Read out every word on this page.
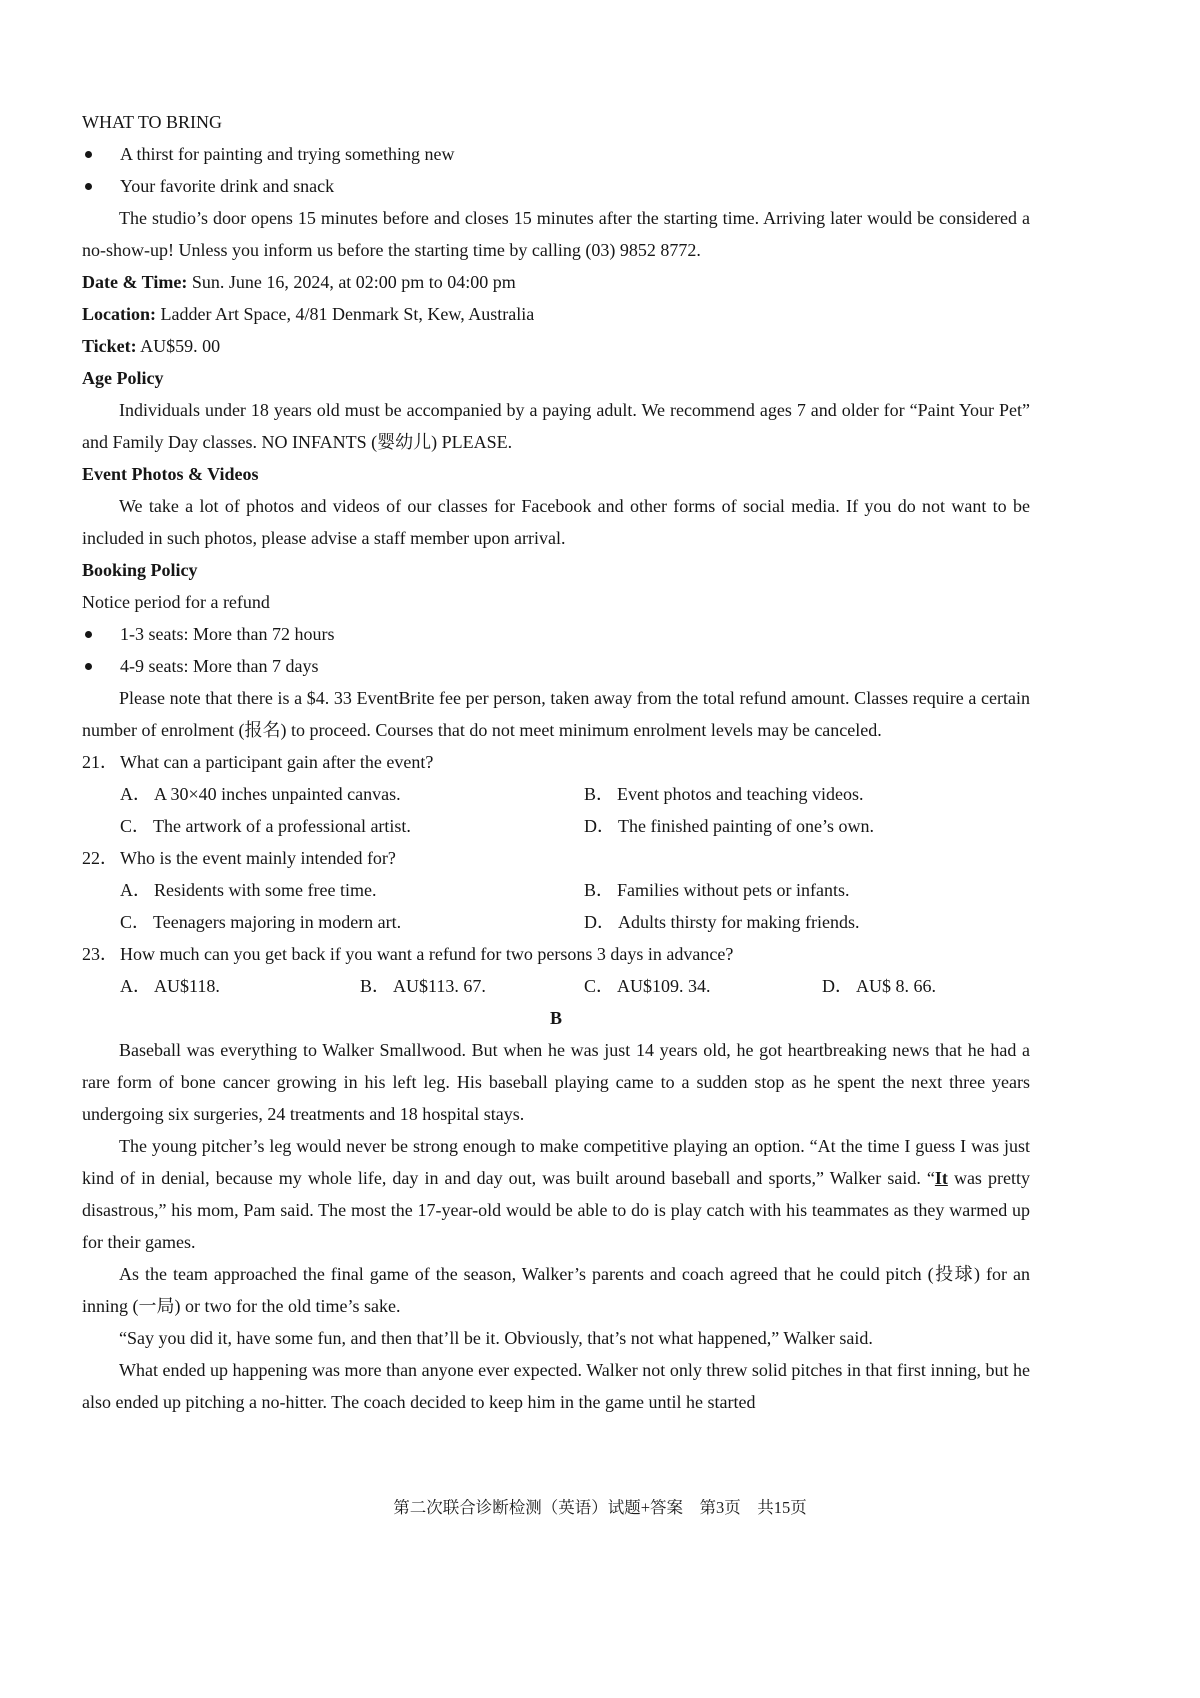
WHAT TO BRING
A thirst for painting and trying something new
Your favorite drink and snack
The studio’s door opens 15 minutes before and closes 15 minutes after the starting time. Arriving later would be considered a no-show-up! Unless you inform us before the starting time by calling (03) 9852 8772.
Date & Time: Sun. June 16, 2024, at 02:00 pm to 04:00 pm
Location: Ladder Art Space, 4/81 Denmark St, Kew, Australia
Ticket: AU$59. 00
Age Policy
Individuals under 18 years old must be accompanied by a paying adult. We recommend ages 7 and older for “Paint Your Pet” and Family Day classes. NO INFANTS (婴幼儿) PLEASE.
Event Photos & Videos
We take a lot of photos and videos of our classes for Facebook and other forms of social media. If you do not want to be included in such photos, please advise a staff member upon arrival.
Booking Policy
Notice period for a refund
1-3 seats: More than 72 hours
4-9 seats: More than 7 days
Please note that there is a $4. 33 EventBrite fee per person, taken away from the total refund amount. Classes require a certain number of enrolment (报名) to proceed. Courses that do not meet minimum enrolment levels may be canceled.
21． What can a participant gain after the event?
A． A 30×40 inches unpainted canvas.	B． Event photos and teaching videos.
C． The artwork of a professional artist.	D． The finished painting of one’s own.
22． Who is the event mainly intended for?
A． Residents with some free time.	B． Families without pets or infants.
C． Teenagers majoring in modern art.	D． Adults thirsty for making friends.
23． How much can you get back if you want a refund for two persons 3 days in advance?
A． AU$118.	B． AU$113. 67.	C． AU$109. 34.	D． AU$ 8. 66.
B
Baseball was everything to Walker Smallwood. But when he was just 14 years old, he got heartbreaking news that he had a rare form of bone cancer growing in his left leg. His baseball playing came to a sudden stop as he spent the next three years undergoing six surgeries, 24 treatments and 18 hospital stays.
The young pitcher’s leg would never be strong enough to make competitive playing an option. “At the time I guess I was just kind of in denial, because my whole life, day in and day out, was built around baseball and sports,” Walker said. “It was pretty disastrous,” his mom, Pam said. The most the 17-year-old would be able to do is play catch with his teammates as they warmed up for their games.
As the team approached the final game of the season, Walker’s parents and coach agreed that he could pitch (投球) for an inning (一局) or two for the old time’s sake.
“Say you did it, have some fun, and then that’ll be it. Obviously, that’s not what happened,” Walker said.
What ended up happening was more than anyone ever expected. Walker not only threw solid pitches in that first inning, but he also ended up pitching a no-hitter. The coach decided to keep him in the game until he started
第二次联合诊断检测（英语）试题+答案　第3页　共15页
